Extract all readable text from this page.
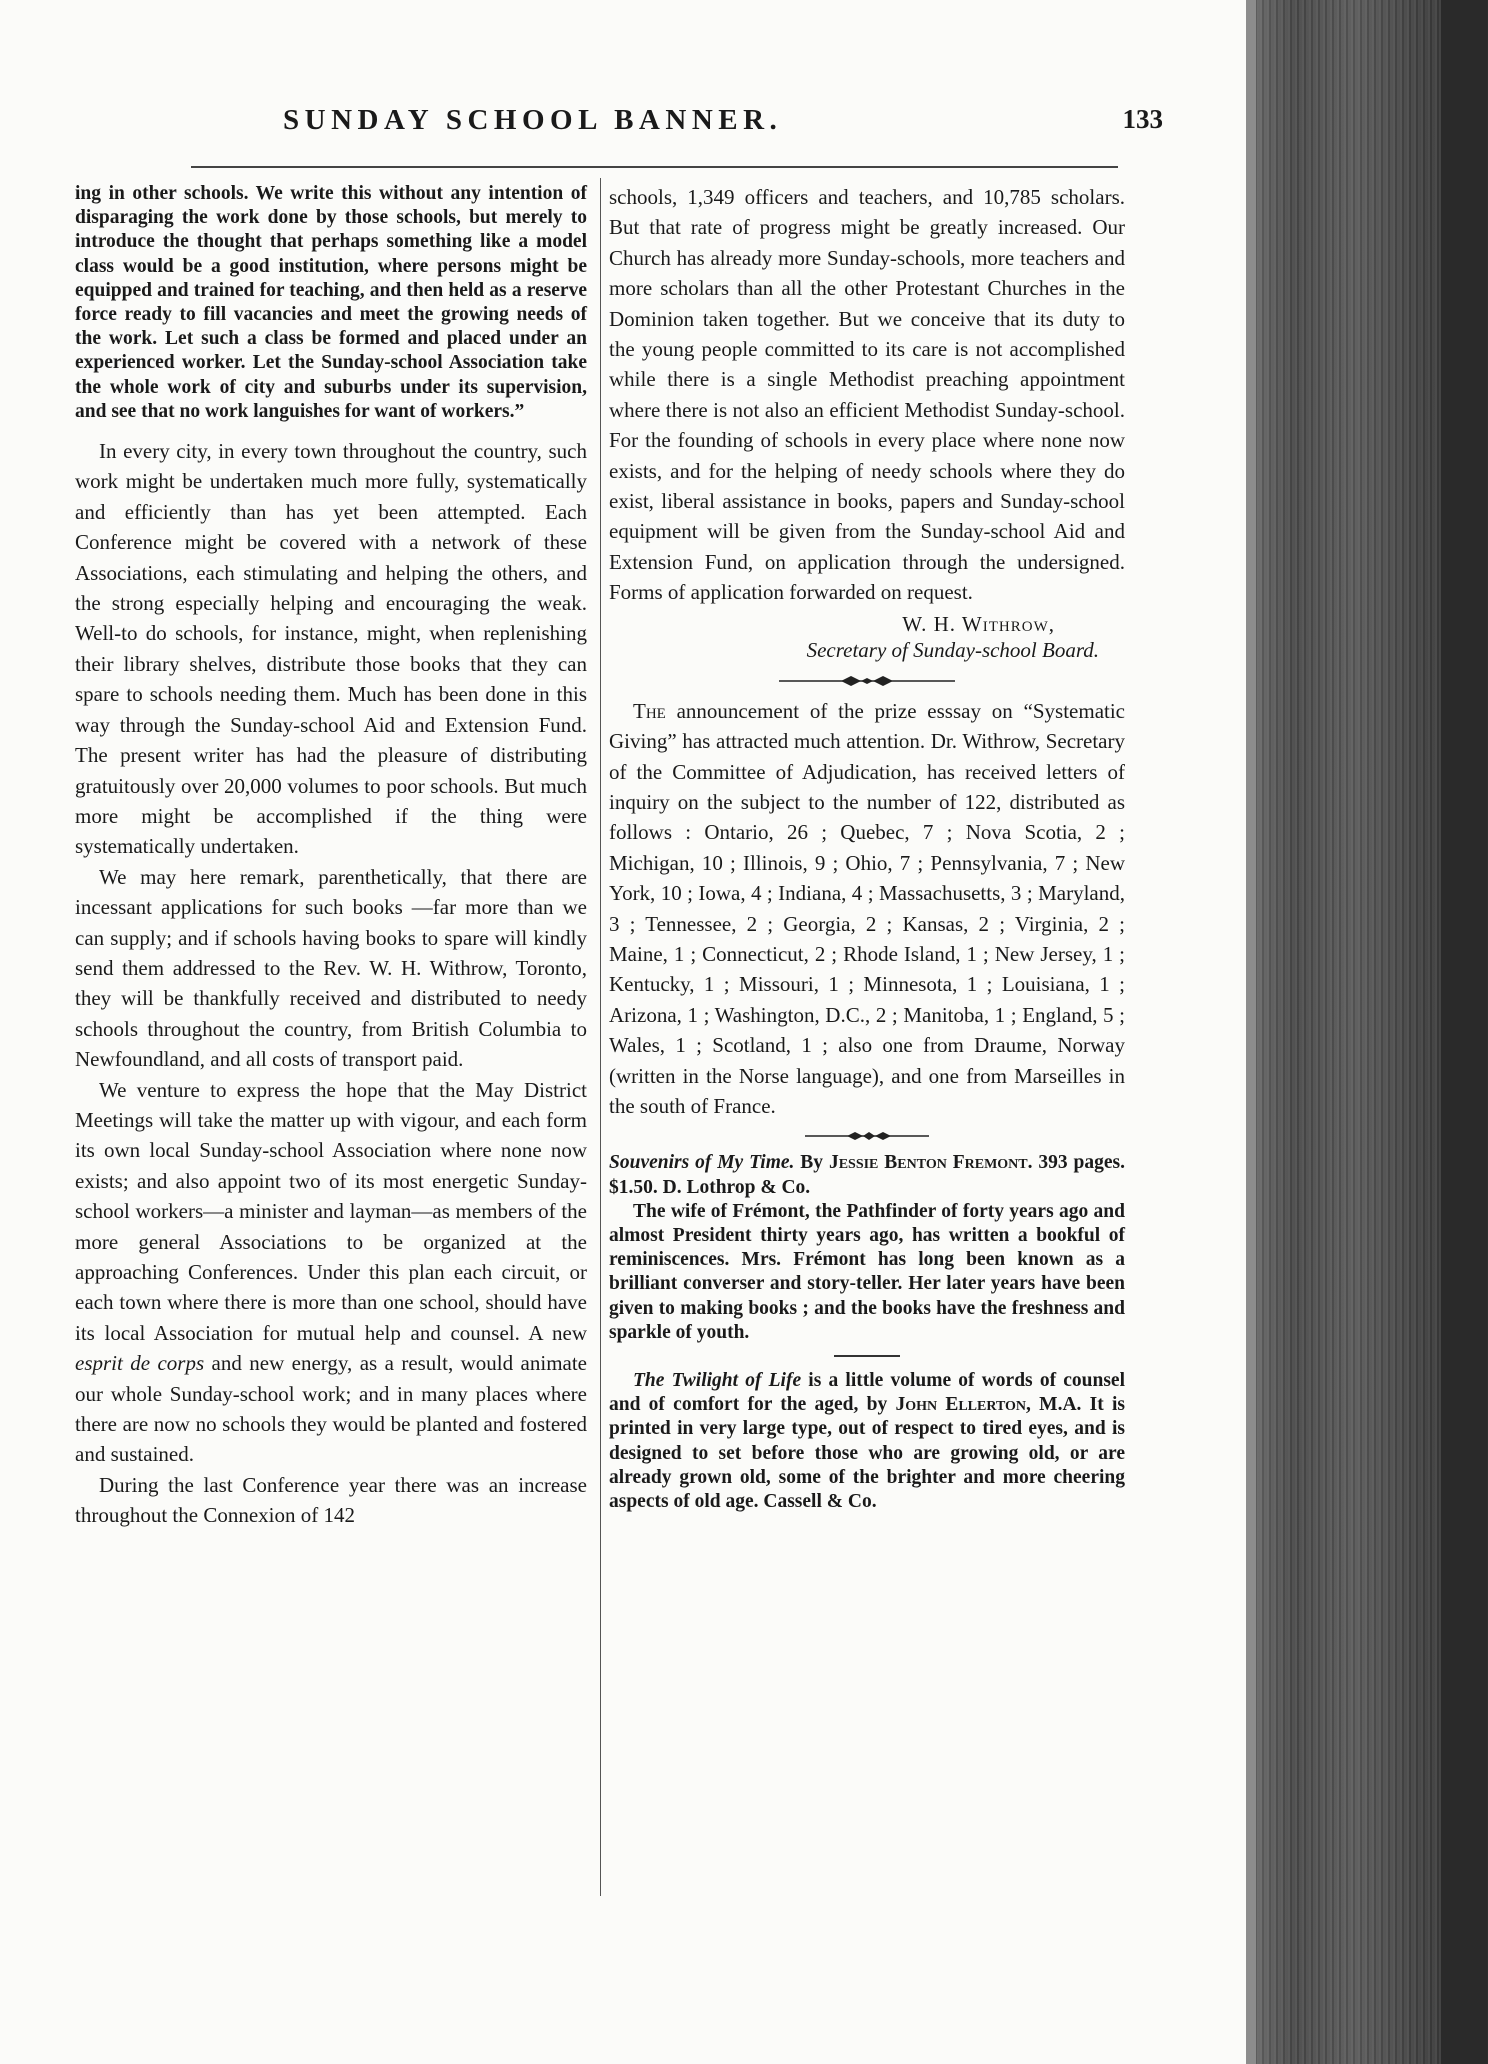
SUNDAY SCHOOL BANNER.	133

ing in other schools. We write this without any intention of disparaging the work done by those schools, but merely to introduce the thought that perhaps something like a model class would be a good institution, where persons might be equipped and trained for teaching, and then held as a reserve force ready to fill vacancies and meet the growing needs of the work. Let such a class be formed and placed under an experienced worker. Let the Sunday-school Association take the whole work of city and suburbs under its supervision, and see that no work languishes for want of workers.”

In every city, in every town throughout the country, such work might be undertaken much more fully, systematically and efficiently than has yet been attempted. Each Conference might be covered with a network of these Associations, each stimulating and helping the others, and the strong especially helping and encouraging the weak. Well-to do schools, for instance, might, when replenishing their library shelves, distribute those books that they can spare to schools needing them. Much has been done in this way through the Sunday-school Aid and Extension Fund. The present writer has had the pleasure of distributing gratuitously over 20,000 volumes to poor schools. But much more might be accomplished if the thing were systematically undertaken.

We may here remark, parenthetically, that there are incessant applications for such books —far more than we can supply; and if schools having books to spare will kindly send them addressed to the Rev. W. H. Withrow, Toronto, they will be thankfully received and distributed to needy schools throughout the country, from British Columbia to Newfoundland, and all costs of transport paid.

We venture to express the hope that the May District Meetings will take the matter up with vigour, and each form its own local Sunday-school Association where none now exists; and also appoint two of its most energetic Sunday-school workers—a minister and layman—as members of the more general Associations to be organized at the approaching Conferences. Under this plan each circuit, or each town where there is more than one school, should have its local Association for mutual help and counsel. A new esprit de corps and new energy, as a result, would animate our whole Sunday-school work; and in many places where there are now no schools they would be planted and fostered and sustained.

During the last Conference year there was an increase throughout the Connexion of 142

schools, 1,349 officers and teachers, and 10,785 scholars. But that rate of progress might be greatly increased. Our Church has already more Sunday-schools, more teachers and more scholars than all the other Protestant Churches in the Dominion taken together. But we conceive that its duty to the young people committed to its care is not accomplished while there is a single Methodist preaching appointment where there is not also an efficient Methodist Sunday-school. For the founding of schools in every place where none now exists, and for the helping of needy schools where they do exist, liberal assistance in books, papers and Sunday-school equipment will be given from the Sunday-school Aid and Extension Fund, on application through the undersigned. Forms of application forwarded on request.

W. H. Withrow,
Secretary of Sunday-school Board.

The announcement of the prize esssay on “Systematic Giving” has attracted much attention. Dr. Withrow, Secretary of the Committee of Adjudication, has received letters of inquiry on the subject to the number of 122, distributed as follows : Ontario, 26 ; Quebec, 7 ; Nova Scotia, 2 ; Michigan, 10 ; Illinois, 9 ; Ohio, 7 ; Pennsylvania, 7 ; New York, 10 ; Iowa, 4 ; Indiana, 4 ; Massachusetts, 3 ; Maryland, 3 ; Tennessee, 2 ; Georgia, 2 ; Kansas, 2 ; Virginia, 2 ; Maine, 1 ; Connecticut, 2 ; Rhode Island, 1 ; New Jersey, 1 ; Kentucky, 1 ; Missouri, 1 ; Minnesota, 1 ; Louisiana, 1 ; Arizona, 1 ; Washington, D.C., 2 ; Manitoba, 1 ; England, 5 ; Wales, 1 ; Scotland, 1 ; also one from Draume, Norway (written in the Norse language), and one from Marseilles in the south of France.

Souvenirs of My Time. By Jessie Benton Fremont. 393 pages. $1.50. D. Lothrop & Co.

The wife of Frémont, the Pathfinder of forty years ago and almost President thirty years ago, has written a bookful of reminiscences. Mrs. Frémont has long been known as a brilliant converser and story-teller. Her later years have been given to making books ; and the books have the freshness and sparkle of youth.

The Twilight of Life is a little volume of words of counsel and of comfort for the aged, by John Ellerton, M.A. It is printed in very large type, out of respect to tired eyes, and is designed to set before those who are growing old, or are already grown old, some of the brighter and more cheering aspects of old age. Cassell & Co.
